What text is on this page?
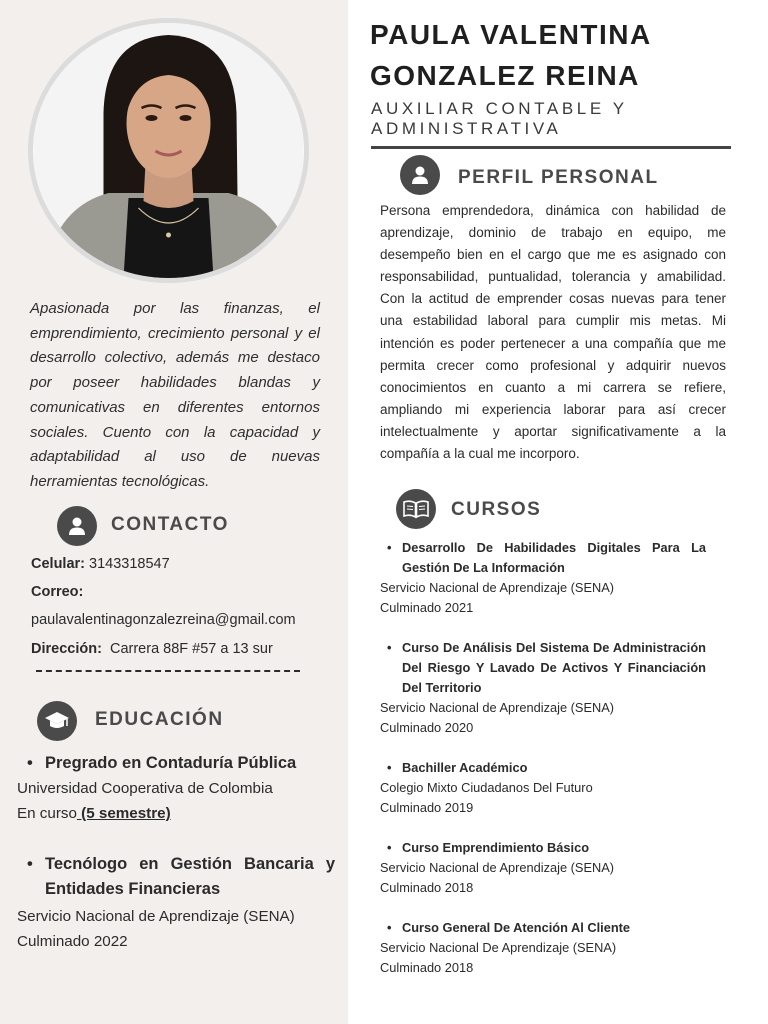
Apasionada por las finanzas, el emprendimiento, crecimiento personal y el desarrollo colectivo, además me destaco por poseer habilidades blandas y comunicativas en diferentes entornos sociales. Cuento con la capacidad y adaptabilidad al uso de nuevas herramientas tecnológicas.

CONTACTO
Celular: 3143318547
Correo:
paulavalentinagonzalezreina@gmail.com
Dirección: Carrera 88F #57 a 13 sur
EDUCACIÓN
• Pregrado en Contaduría Pública
Universidad Cooperativa de Colombia
En curso (5 semestre)
• Tecnólogo en Gestión Bancaria y Entidades Financieras
Servicio Nacional de Aprendizaje (SENA)
Culminado 2022
PAULA VALENTINA
GONZALEZ REINA
AUXILIAR CONTABLE Y
ADMINISTRATIVA
PERFIL PERSONAL

Persona emprendedora, dinámica con habilidad de aprendizaje, dominio de trabajo en equipo, me desempeño bien en el cargo que me es asignado con responsabilidad, puntualidad, tolerancia y amabilidad. Con la actitud de emprender cosas nuevas para tener una estabilidad laboral para cumplir mis metas. Mi intención es poder pertenecer a una compañía que me permita crecer como profesional y adquirir nuevos conocimientos en cuanto a mi carrera se refiere, ampliando mi experiencia laborar para así crecer intelectualmente y aportar significativamente a la compañía a la cual me incorporo.

CURSOS
• Desarrollo De Habilidades Digitales Para La Gestión De La Información
Servicio Nacional de Aprendizaje (SENA)
Culminado 2021
• Curso De Análisis Del Sistema De Administración Del Riesgo Y Lavado De Activos Y Financiación Del Territorio
Servicio Nacional de Aprendizaje (SENA)
Culminado 2020
• Bachiller Académico
Colegio Mixto Ciudadanos Del Futuro
Culminado 2019
• Curso Emprendimiento Básico
Servicio Nacional de Aprendizaje (SENA)
Culminado 2018
• Curso General De Atención Al Cliente
Servicio Nacional De Aprendizaje (SENA)
Culminado 2018
